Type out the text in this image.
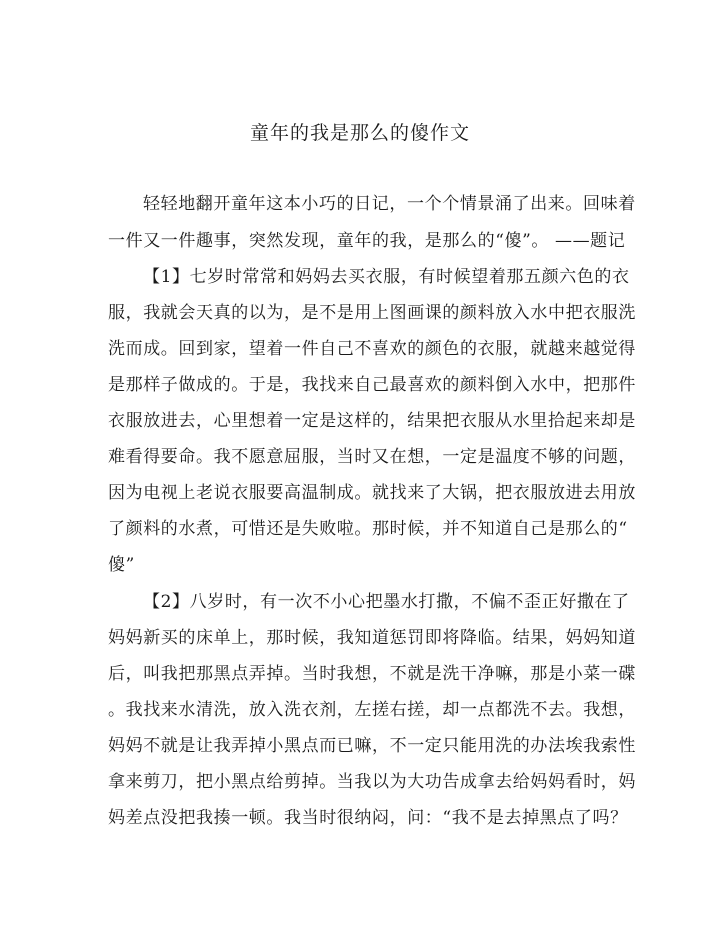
童年的我是那么的傻作文
轻轻地翻开童年这本小巧的日记，一个个情景涌了出来。回味着
一件又一件趣事，突然发现，童年的我，是那么的“傻”。 ——题记
【1】七岁时常常和妈妈去买衣服，有时候望着那五颜六色的衣
服，我就会天真的以为，是不是用上图画课的颜料放入水中把衣服洗
洗而成。回到家，望着一件自己不喜欢的颜色的衣服，就越来越觉得
是那样子做成的。于是，我找来自己最喜欢的颜料倒入水中，把那件
衣服放进去，心里想着一定是这样的，结果把衣服从水里拾起来却是
难看得要命。我不愿意屈服，当时又在想，一定是温度不够的问题，
因为电视上老说衣服要高温制成。就找来了大锅，把衣服放进去用放
了颜料的水煮，可惜还是失败啦。那时候，并不知道自己是那么的“
傻”
【2】八岁时，有一次不小心把墨水打撒，不偏不歪正好撒在了
妈妈新买的床单上，那时候，我知道惩罚即将降临。结果，妈妈知道
后，叫我把那黑点弄掉。当时我想，不就是洗干净嘛，那是小菜一碟
。我找来水清洗，放入洗衣剂，左搓右搓，却一点都洗不去。我想，
妈妈不就是让我弄掉小黑点而已嘛，不一定只能用洗的办法埃我索性
拿来剪刀，把小黑点给剪掉。当我以为大功告成拿去给妈妈看时，妈
妈差点没把我揍一顿。我当时很纳闷，问：“我不是去掉黑点了吗？
